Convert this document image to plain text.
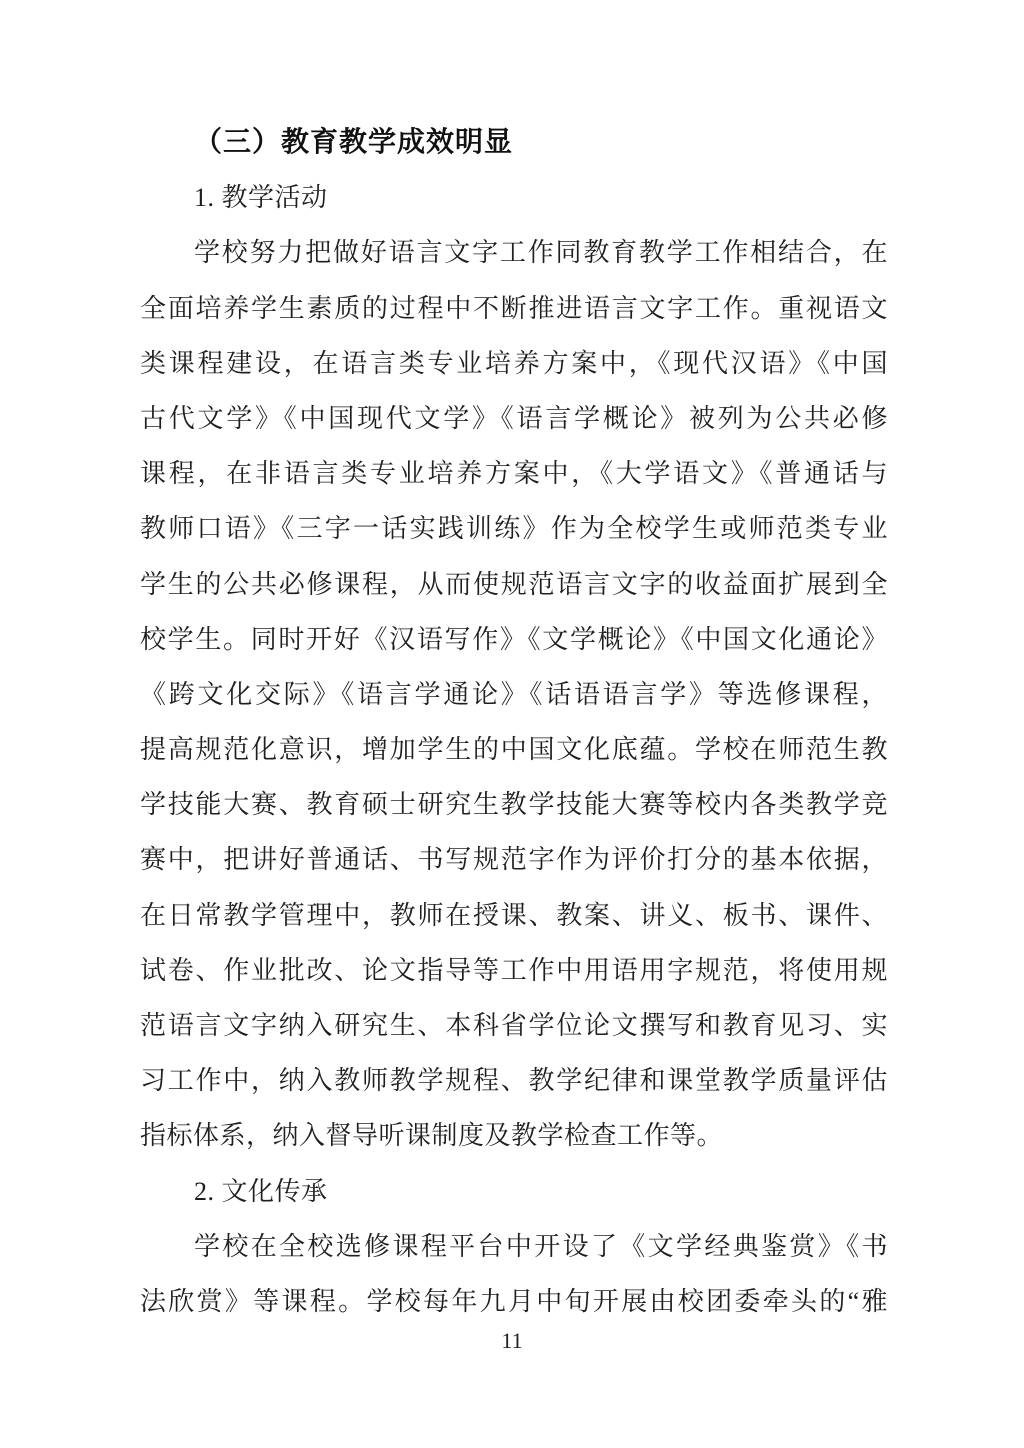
（三）教育教学成效明显
1. 教学活动
学校努力把做好语言文字工作同教育教学工作相结合，在
全面培养学生素质的过程中不断推进语言文字工作。重视语文
类课程建设，在语言类专业培养方案中，《现代汉语》《中国
古代文学》《中国现代文学》《语言学概论》被列为公共必修
课程，在非语言类专业培养方案中，《大学语文》《普通话与
教师口语》《三字一话实践训练》作为全校学生或师范类专业
学生的公共必修课程，从而使规范语言文字的收益面扩展到全
校学生。同时开好《汉语写作》《文学概论》《中国文化通论》
《跨文化交际》《语言学通论》《话语语言学》等选修课程，
提高规范化意识，增加学生的中国文化底蕴。学校在师范生教
学技能大赛、教育硕士研究生教学技能大赛等校内各类教学竞
赛中，把讲好普通话、书写规范字作为评价打分的基本依据，
在日常教学管理中，教师在授课、教案、讲义、板书、课件、
试卷、作业批改、论文指导等工作中用语用字规范，将使用规
范语言文字纳入研究生、本科省学位论文撰写和教育见习、实
习工作中，纳入教师教学规程、教学纪律和课堂教学质量评估
指标体系，纳入督导听课制度及教学检查工作等。
2. 文化传承
学校在全校选修课程平台中开设了《文学经典鉴赏》《书
法欣赏》等课程。学校每年九月中旬开展由校团委牵头的“雅
11
